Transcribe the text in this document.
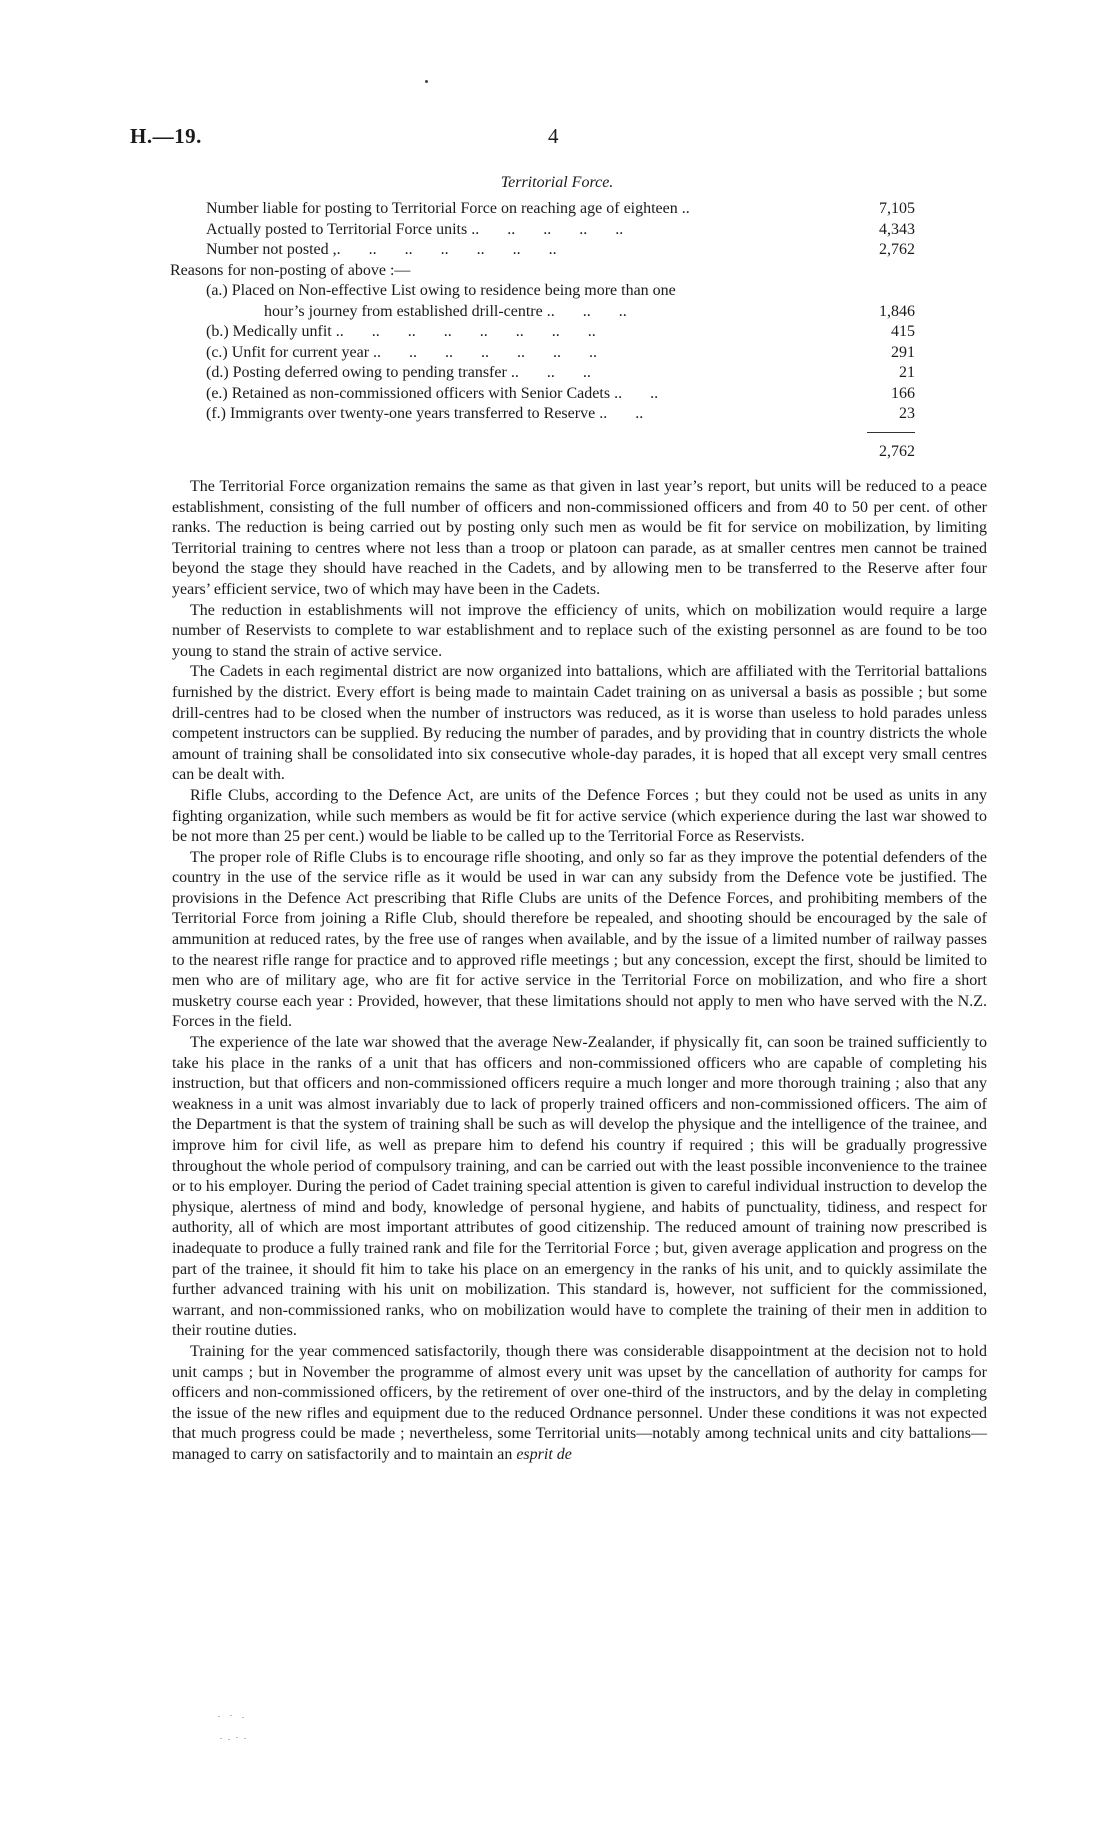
H.—19.	4
Territorial Force.
Number liable for posting to Territorial Force on reaching age of eighteen ..	7,105
Actually posted to Territorial Force units ..       ..       ..       ..       ..	4,343
Number not posted ,.       ..       ..       ..       ..       ..       ..	2,762
Reasons for non-posting of above :—
(a.) Placed on Non-effective List owing to residence being more than one
hour’s journey from established drill-centre ..       ..       ..	1,846
(b.) Medically unfit ..       ..       ..       ..       ..       ..       ..       ..	415
(c.) Unfit for current year ..       ..       ..       ..       ..       ..       ..	291
(d.) Posting deferred owing to pending transfer ..       ..       ..	21
(e.) Retained as non-commissioned officers with Senior Cadets ..       ..	166
(f.) Immigrants over twenty-one years transferred to Reserve ..       ..	23
2,762

The Territorial Force organization remains the same as that given in last year’s report, but units will be reduced to a peace establishment, consisting of the full number of officers and non-commissioned officers and from 40 to 50 per cent. of other ranks. The reduction is being carried out by posting only such men as would be fit for service on mobilization, by limiting Territorial training to centres where not less than a troop or platoon can parade, as at smaller centres men cannot be trained beyond the stage they should have reached in the Cadets, and by allowing men to be transferred to the Reserve after four years’ efficient service, two of which may have been in the Cadets.

The reduction in establishments will not improve the efficiency of units, which on mobilization would require a large number of Reservists to complete to war establishment and to replace such of the existing personnel as are found to be too young to stand the strain of active service.

The Cadets in each regimental district are now organized into battalions, which are affiliated with the Territorial battalions furnished by the district. Every effort is being made to maintain Cadet training on as universal a basis as possible ; but some drill-centres had to be closed when the number of instructors was reduced, as it is worse than useless to hold parades unless competent instructors can be supplied. By reducing the number of parades, and by providing that in country districts the whole amount of training shall be consolidated into six consecutive whole-day parades, it is hoped that all except very small centres can be dealt with.

Rifle Clubs, according to the Defence Act, are units of the Defence Forces ; but they could not be used as units in any fighting organization, while such members as would be fit for active service (which experience during the last war showed to be not more than 25 per cent.) would be liable to be called up to the Territorial Force as Reservists.

The proper role of Rifle Clubs is to encourage rifle shooting, and only so far as they improve the potential defenders of the country in the use of the service rifle as it would be used in war can any subsidy from the Defence vote be justified. The provisions in the Defence Act prescribing that Rifle Clubs are units of the Defence Forces, and prohibiting members of the Territorial Force from joining a Rifle Club, should therefore be repealed, and shooting should be encouraged by the sale of ammunition at reduced rates, by the free use of ranges when available, and by the issue of a limited number of railway passes to the nearest rifle range for practice and to approved rifle meetings ; but any concession, except the first, should be limited to men who are of military age, who are fit for active service in the Territorial Force on mobilization, and who fire a short musketry course each year : Provided, however, that these limitations should not apply to men who have served with the N.Z. Forces in the field.

The experience of the late war showed that the average New-Zealander, if physically fit, can soon be trained sufficiently to take his place in the ranks of a unit that has officers and non-commissioned officers who are capable of completing his instruction, but that officers and non-commissioned officers require a much longer and more thorough training ; also that any weakness in a unit was almost invariably due to lack of properly trained officers and non-commissioned officers. The aim of the Department is that the system of training shall be such as will develop the physique and the intelligence of the trainee, and improve him for civil life, as well as prepare him to defend his country if required ; this will be gradually progressive throughout the whole period of compulsory training, and can be carried out with the least possible inconvenience to the trainee or to his employer. During the period of Cadet training special attention is given to careful individual instruction to develop the physique, alertness of mind and body, knowledge of personal hygiene, and habits of punctuality, tidiness, and respect for authority, all of which are most important attributes of good citizenship. The reduced amount of training now prescribed is inadequate to produce a fully trained rank and file for the Territorial Force ; but, given average application and progress on the part of the trainee, it should fit him to take his place on an emergency in the ranks of his unit, and to quickly assimilate the further advanced training with his unit on mobilization. This standard is, however, not sufficient for the commissioned, warrant, and non-commissioned ranks, who on mobilization would have to complete the training of their men in addition to their routine duties.

Training for the year commenced satisfactorily, though there was considerable disappointment at the decision not to hold unit camps ; but in November the programme of almost every unit was upset by the cancellation of authority for camps for officers and non-commissioned officers, by the retirement of over one-third of the instructors, and by the delay in completing the issue of the new rifles and equipment due to the reduced Ordnance personnel. Under these conditions it was not expected that much progress could be made ; nevertheless, some Territorial units—notably among technical units and city battalions—managed to carry on satisfactorily and to maintain an esprit de
